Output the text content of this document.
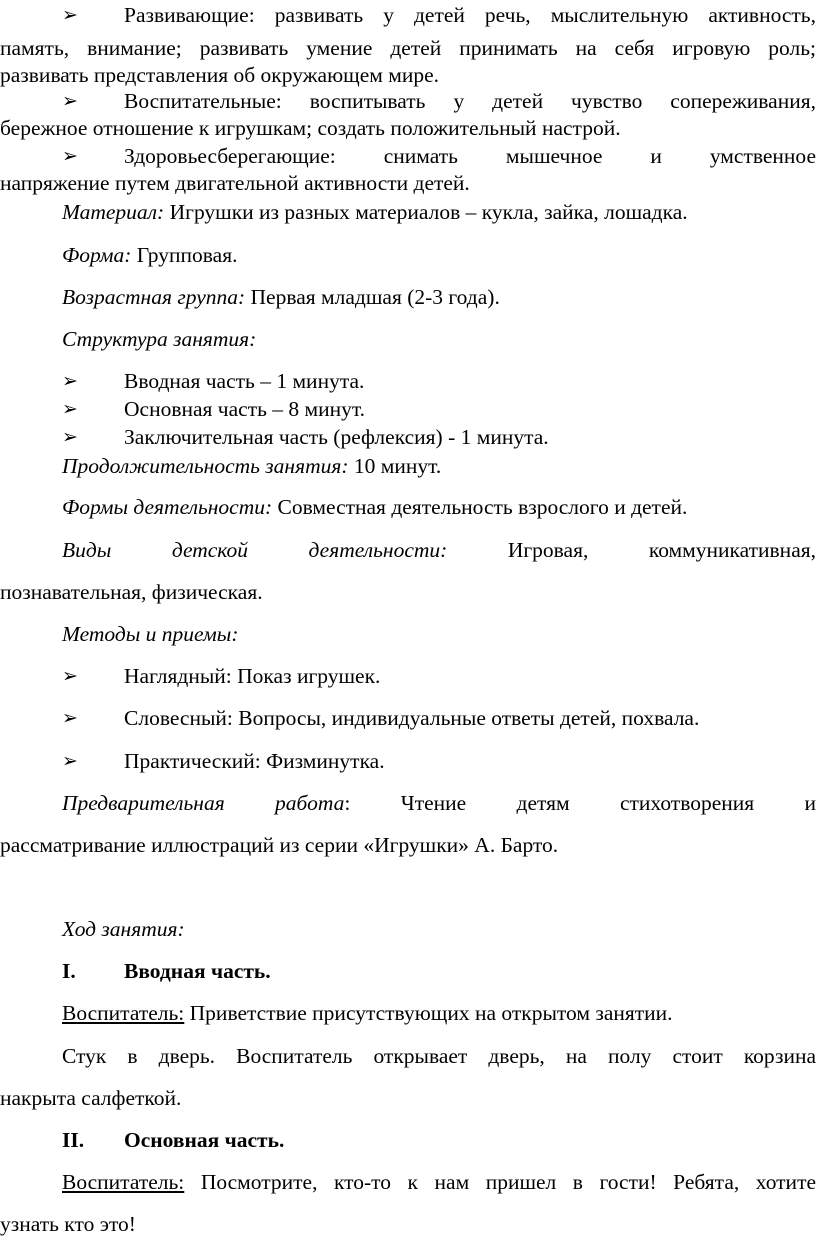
➢ Развивающие: развивать у детей речь, мыслительную активность,

память, внимание; развивать умение детей принимать на себя игровую роль;

развивать представления об окружающем мире.

➢ Воспитательные: воспитывать у детей чувство сопереживания,

бережное отношение к игрушкам; создать положительный настрой.

➢ Здоровьесберегающие: снимать мышечное и умственное

напряжение путем двигательной активности детей.

Материал: Игрушки из разных материалов – кукла, зайка, лошадка.

Форма: Групповая.

Возрастная группа: Первая младшая (2-3 года).

Структура занятия:

➢ Вводная часть – 1 минута.

➢ Основная часть – 8 минут.

➢ Заключительная часть (рефлексия) - 1 минута.

Продолжительность занятия: 10 минут.

Формы деятельности: Совместная деятельность взрослого и детей.

Виды детской деятельности:	Игровая, коммуникативная,

познавательная, физическая.

Методы и приемы:

➢ Наглядный: Показ игрушек.

➢ Словесный: Вопросы, индивидуальные ответы детей, похвала.

➢ Практический: Физминутка.

Предварительная работа: Чтение детям стихотворения и

рассматривание иллюстраций из серии «Игрушки» А. Барто.

Ход занятия:

I. Вводная часть.

Воспитатель: Приветствие присутствующих на открытом занятии.

Стук в дверь. Воспитатель открывает дверь, на полу стоит корзина

накрыта салфеткой.

II. Основная часть.

Воспитатель: Посмотрите, кто-то к нам пришел в гости! Ребята, хотите

узнать кто это!
